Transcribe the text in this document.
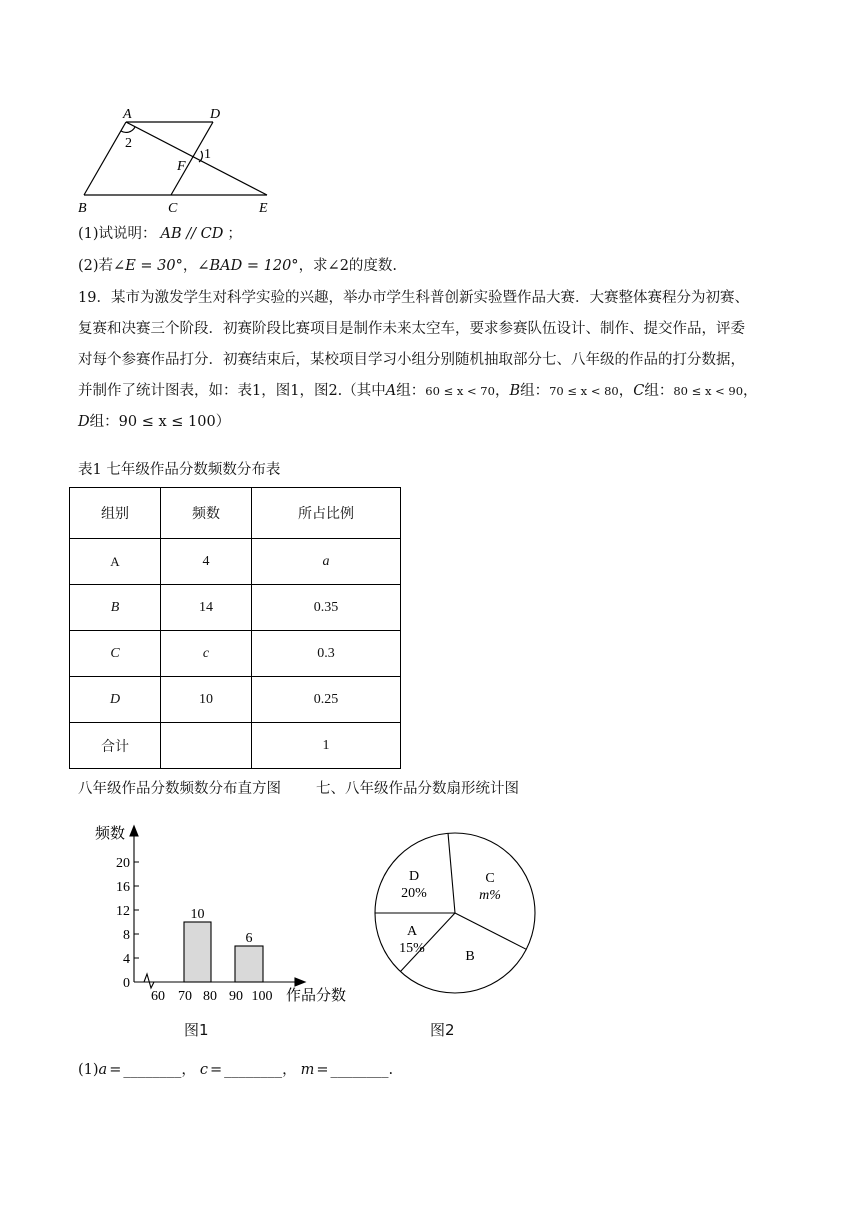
A	D
F
B	C	E
2
1
(1)试说明： AB // CD ；
(2)若∠E = 30°，∠BAD = 120°，求∠2的度数.
19．某市为激发学生对科学实验的兴趣，举办市学生科普创新实验暨作品大赛．大赛整体赛程分为初赛、
复赛和决赛三个阶段．初赛阶段比赛项目是制作未来太空车，要求参赛队伍设计、制作、提交作品，评委
对每个参赛作品打分．初赛结束后，某校项目学习小组分别随机抽取部分七、八年级的作品的打分数据，
并制作了统计图表，如：表1，图1，图2.（其中A组：60 ≤ x < 70，B组：70 ≤ x < 80，C组：80 ≤ x < 90，
D组：90 ≤ x ≤ 100）
表1 七年级作品分数频数分布表
组别	频数	所占比例
A	4	a
B	14	0.35
C	c	0.3
D	10	0.25
合计		1
八年级作品分数频数分布直方图 七、八年级作品分数扇形统计图
频数
作品分数
0
4
8
12
16
20
60 70 80 90 100
10
6
图1
D
20%
C
m%
B
A
15%
图2
(1)a = ________， c = ________， m = ________.
